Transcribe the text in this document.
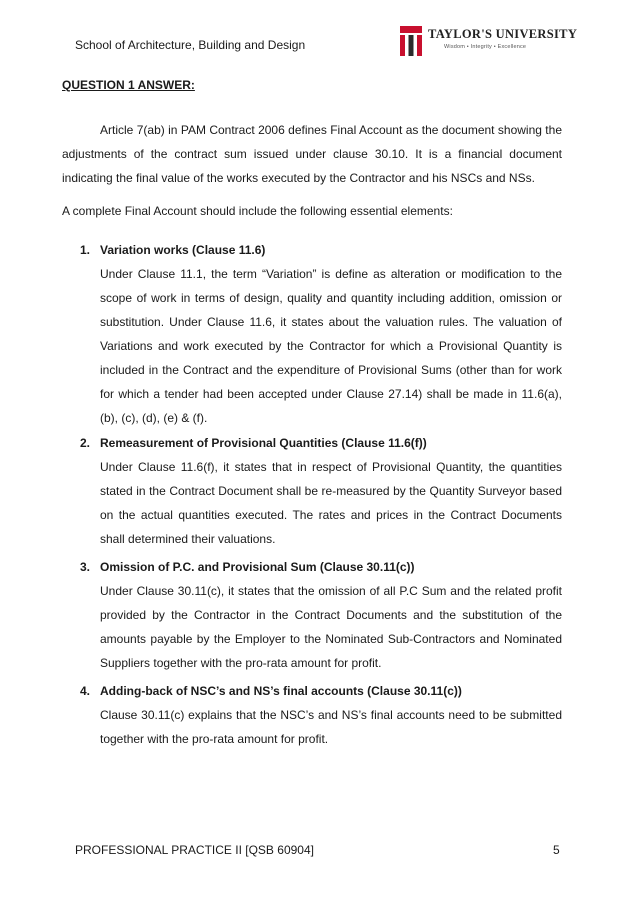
School of Architecture, Building and Design
TAYLOR'S UNIVERSITY
Wisdom • Integrity • Excellence
QUESTION 1 ANSWER:
Article 7(ab) in PAM Contract 2006 defines Final Account as the document showing the adjustments of the contract sum issued under clause 30.10. It is a financial document indicating the final value of the works executed by the Contractor and his NSCs and NSs.
A complete Final Account should include the following essential elements:
1. Variation works (Clause 11.6)
Under Clause 11.1, the term “Variation” is define as alteration or modification to the scope of work in terms of design, quality and quantity including addition, omission or substitution. Under Clause 11.6, it states about the valuation rules. The valuation of Variations and work executed by the Contractor for which a Provisional Quantity is included in the Contract and the expenditure of Provisional Sums (other than for work for which a tender had been accepted under Clause 27.14) shall be made in 11.6(a), (b), (c), (d), (e) & (f).
2. Remeasurement of Provisional Quantities (Clause 11.6(f))
Under Clause 11.6(f), it states that in respect of Provisional Quantity, the quantities stated in the Contract Document shall be re-measured by the Quantity Surveyor based on the actual quantities executed. The rates and prices in the Contract Documents shall determined their valuations.
3. Omission of P.C. and Provisional Sum (Clause 30.11(c))
Under Clause 30.11(c), it states that the omission of all P.C Sum and the related profit provided by the Contractor in the Contract Documents and the substitution of the amounts payable by the Employer to the Nominated Sub-Contractors and Nominated Suppliers together with the pro-rata amount for profit.
4. Adding-back of NSC’s and NS’s final accounts (Clause 30.11(c))
Clause 30.11(c) explains that the NSC’s and NS’s final accounts need to be submitted together with the pro-rata amount for profit.
PROFESSIONAL PRACTICE II [QSB 60904]	5
